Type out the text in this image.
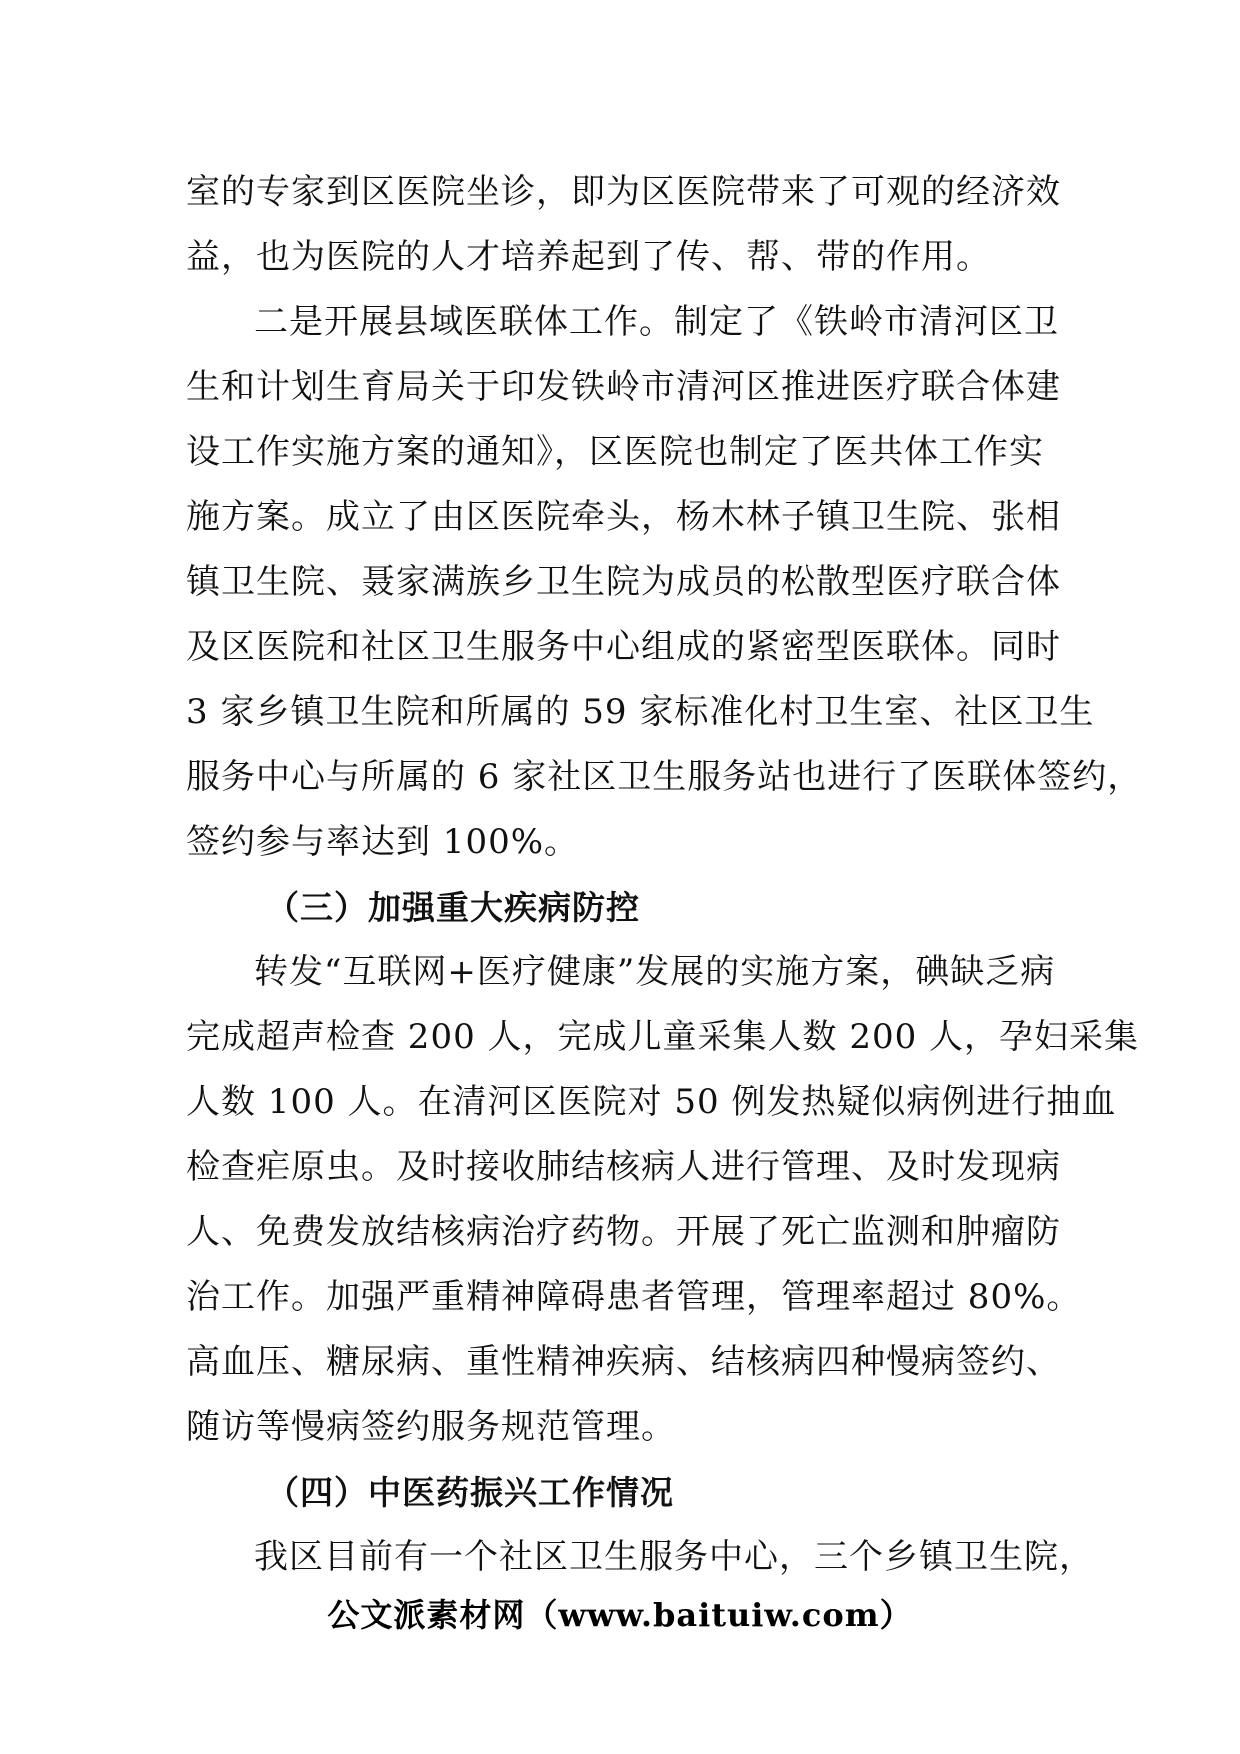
室的专家到区医院坐诊，即为区医院带来了可观的经济效
益，也为医院的人才培养起到了传、帮、带的作用。
二是开展县域医联体工作。制定了《铁岭市清河区卫
生和计划生育局关于印发铁岭市清河区推进医疗联合体建
设工作实施方案的通知》，区医院也制定了医共体工作实
施方案。成立了由区医院牵头，杨木林子镇卫生院、张相
镇卫生院、聂家满族乡卫生院为成员的松散型医疗联合体
及区医院和社区卫生服务中心组成的紧密型医联体。同时
3 家乡镇卫生院和所属的 59 家标准化村卫生室、社区卫生
服务中心与所属的 6 家社区卫生服务站也进行了医联体签约，
签约参与率达到 100%。
（三）加强重大疾病防控
转发“互联网+医疗健康”发展的实施方案，碘缺乏病
完成超声检查 200 人，完成儿童采集人数 200 人，孕妇采集
人数 100 人。在清河区医院对 50 例发热疑似病例进行抽血
检查疟原虫。及时接收肺结核病人进行管理、及时发现病
人、免费发放结核病治疗药物。开展了死亡监测和肿瘤防
治工作。加强严重精神障碍患者管理，管理率超过 80%。
高血压、糖尿病、重性精神疾病、结核病四种慢病签约、
随访等慢病签约服务规范管理。
（四）中医药振兴工作情况
我区目前有一个社区卫生服务中心，三个乡镇卫生院，
公文派素材网（www.baituiw.com）
